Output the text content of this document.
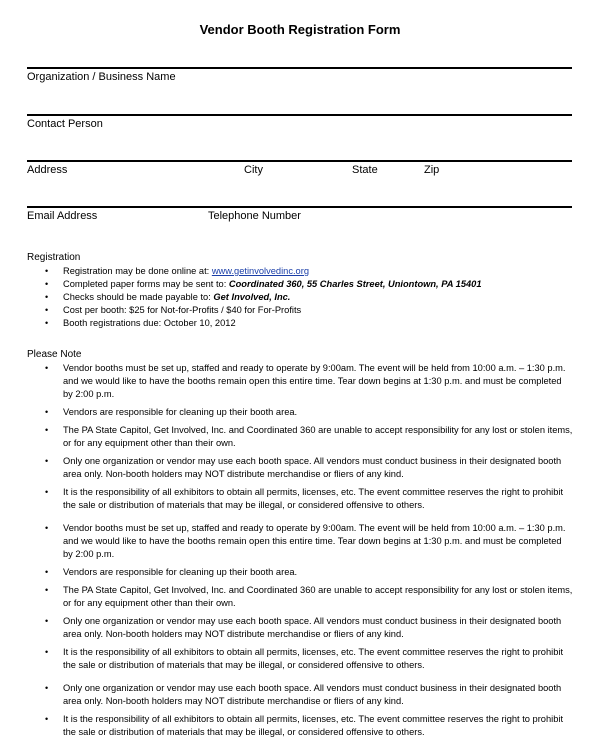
Vendor Booth Registration Form
Organization / Business Name
Contact Person
Address	City	State	Zip
Email Address	Telephone Number
Registration
• Registration may be done online at: www.getinvolvedinc.org
• Completed paper forms may be sent to: Coordinated 360, 55 Charles Street, Uniontown, PA 15401
• Checks should be made payable to: Get Involved, Inc.
• Cost per booth: $25 for Not-for-Profits / $40 for For-Profits
• Booth registrations due: October 10, 2012
Please Note
• Vendor booths must be set up, staffed and ready to operate by 9:00am. The event will be held from 10:00 a.m. – 1:30 p.m. and we would like to have the booths remain open this entire time. Tear down begins at 1:30 p.m. and must be completed by 2:00 p.m.
• Vendors are responsible for cleaning up their booth area.
• The PA State Capitol, Get Involved, Inc. and Coordinated 360 are unable to accept responsibility for any lost or stolen items, or for any equipment other than their own.
• Only one organization or vendor may use each booth space. All vendors must conduct business in their designated booth area only. Non-booth holders may NOT distribute merchandise or fliers of any kind.
• It is the responsibility of all exhibitors to obtain all permits, licenses, etc. The event committee reserves the right to prohibit the sale or distribution of materials that may be illegal, or considered offensive to others.
• Vendor booths must be set up, staffed and ready to operate by 9:00am. The event will be held from 10:00 a.m. – 1:30 p.m. and we would like to have the booths remain open this entire time. Tear down begins at 1:30 p.m. and must be completed by 2:00 p.m.
• Vendors are responsible for cleaning up their booth area.
• The PA State Capitol, Get Involved, Inc. and Coordinated 360 are unable to accept responsibility for any lost or stolen items, or for any equipment other than their own.
• Only one organization or vendor may use each booth space. All vendors must conduct business in their designated booth area only. Non-booth holders may NOT distribute merchandise or fliers of any kind.
• It is the responsibility of all exhibitors to obtain all permits, licenses, etc. The event committee reserves the right to prohibit the sale or distribution of materials that may be illegal, or considered offensive to others.
• Only one organization or vendor may use each booth space. All vendors must conduct business in their designated booth area only. Non-booth holders may NOT distribute merchandise or fliers of any kind.
• It is the responsibility of all exhibitors to obtain all permits, licenses, etc. The event committee reserves the right to prohibit the sale or distribution of materials that may be illegal, or considered offensive to others.
